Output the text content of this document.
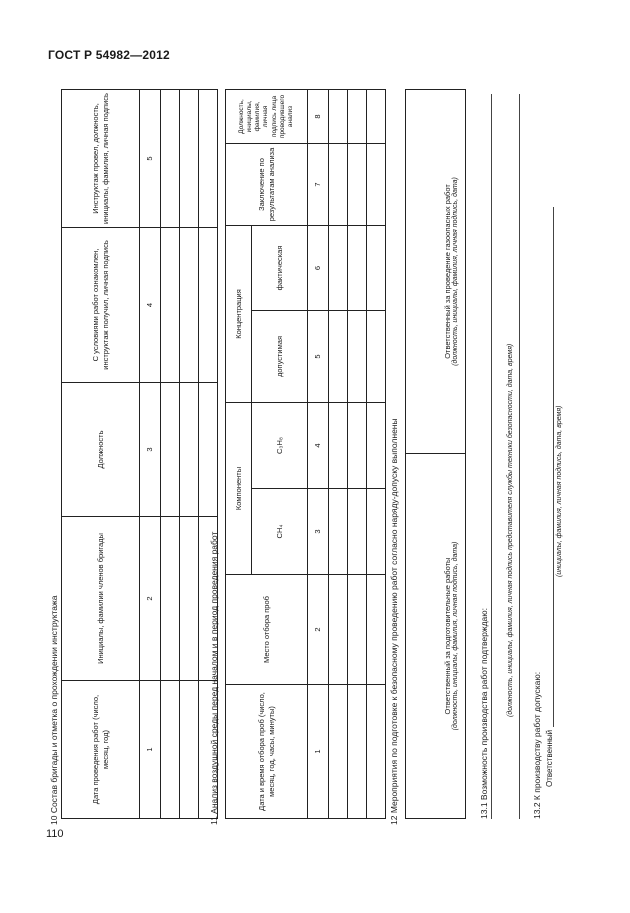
ГОСТ Р 54982—2012
10 Состав бригады и отметка о прохождении инструктажа	Дата проведения работ (число, месяц, год)	Инициалы, фамилии членов бригады	Должность	С условиями работ ознакомлен, инструктаж получил, личная подпись	Инструктаж провел, должность, инициалы, фамилия, личная подпись
1	2	3	4	5

11 Анализ воздушной среды перед началом и в период проведения работ	Дата и время отбора проб (число, месяц, год, часы, минуты)	Место отбора проб	Компоненты		Концентрация		Заключение по результатам анализа	Должность, инициалы, фамилия, личная подпись лица проводившего анализ
		CH₄	C₃H₈	допустимая	фактическая		
1	2	3	4	5	6	7	8

12 Мероприятия по подготовке к безопасному проведению работ согласно наряду-допуску выполнены	Ответственный за подготовительные работы (должность, инициалы, фамилия, личная подпись, дата)

Ответственный за проведение газоопасных работ (должность, инициалы, фамилия, личная подпись, дата)
13.1 Возможность производства работ подтверждаю:	(должность, инициалы, фамилия, личная подпись представителя службы техники безопасности, дата, время)
13.2 К производству работ допускаю: Ответственный
(инициалы, фамилия, личная подпись, дата, время)
110
